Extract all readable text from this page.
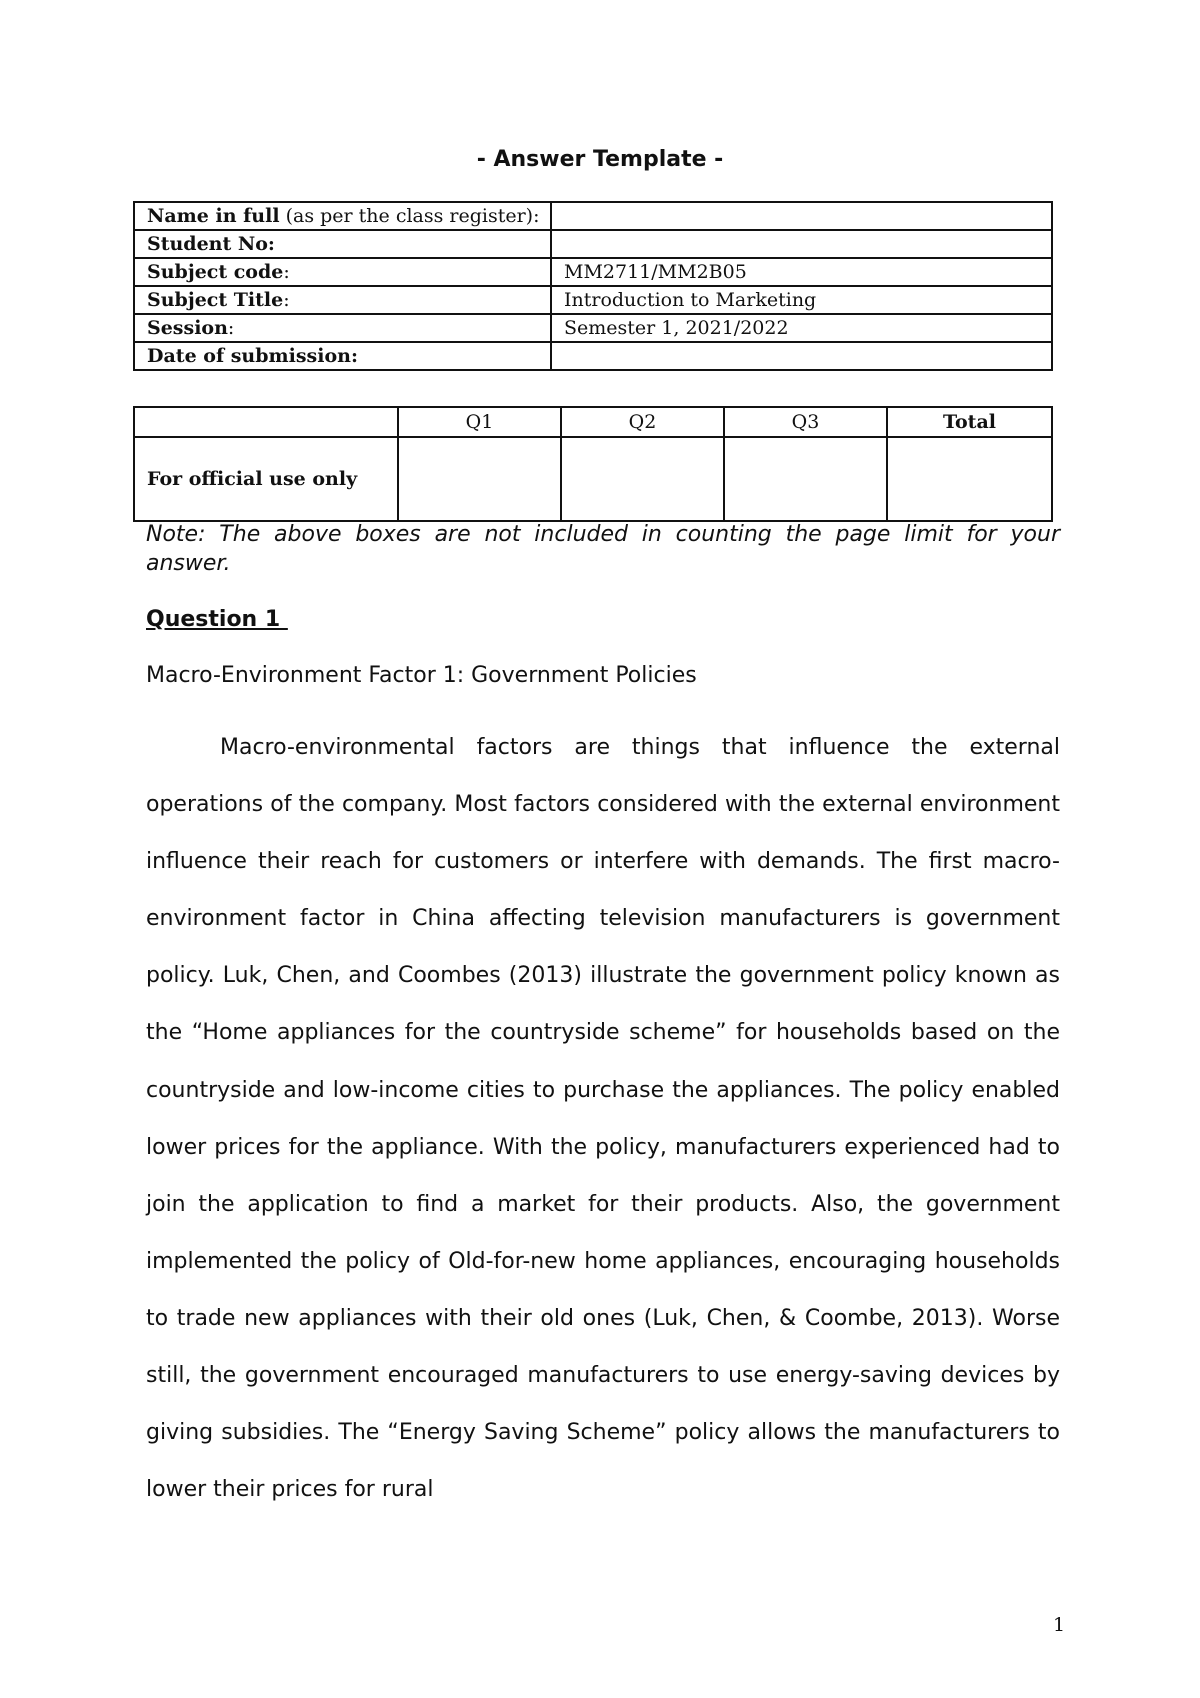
- Answer Template -
Name in full (as per the class register):	
Student No:	
Subject code:	MM2711/MM2B05
Subject Title:	Introduction to Marketing
Session:	Semester 1, 2021/2022
Date of submission:	
	Q1	Q2	Q3	Total
For official use only				
Note: The above boxes are not included in counting the page limit for your answer.
Question 1
Macro-Environment Factor 1: Government Policies

Macro-environmental factors are things that influence the external operations of the company. Most factors considered with the external environment influence their reach for customers or interfere with demands. The first macro-environment factor in China affecting television manufacturers is government policy. Luk, Chen, and Coombes (2013) illustrate the government policy known as the “Home appliances for the countryside scheme” for households based on the countryside and low-income cities to purchase the appliances. The policy enabled lower prices for the appliance. With the policy, manufacturers experienced had to join the application to find a market for their products. Also, the government implemented the policy of Old-for-new home appliances, encouraging households to trade new appliances with their old ones (Luk, Chen, & Coombe, 2013). Worse still, the government encouraged manufacturers to use energy-saving devices by giving subsidies. The “Energy Saving Scheme” policy allows the manufacturers to lower their prices for rural

1
